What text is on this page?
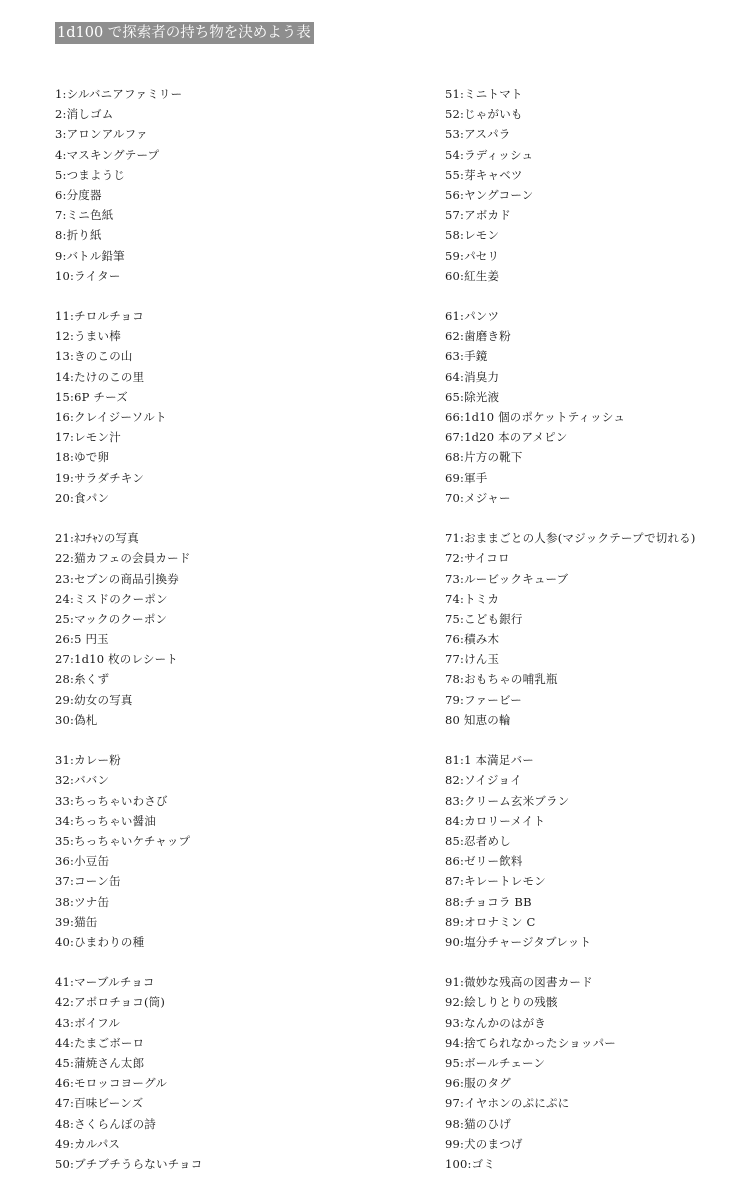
1d100 で探索者の持ち物を決めよう表
1:シルバニアファミリー
2:消しゴム
3:アロンアルファ
4:マスキングテープ
5:つまようじ
6:分度器
7:ミニ色紙
8:折り紙
9:バトル鉛筆
10:ライター
11:チロルチョコ
12:うまい棒
13:きのこの山
14:たけのこの里
15:6P チーズ
16:クレイジーソルト
17:レモン汁
18:ゆで卵
19:サラダチキン
20:食パン
21:ﾈｺﾁｬﾝの写真
22:猫カフェの会員カード
23:セブンの商品引換券
24:ミスドのクーポン
25:マックのクーポン
26:5 円玉
27:1d10 枚のレシート
28:糸くず
29:幼女の写真
30:偽札
31:カレー粉
32:ババン
33:ちっちゃいわさび
34:ちっちゃい醤油
35:ちっちゃいケチャップ
36:小豆缶
37:コーン缶
38:ツナ缶
39:猫缶
40:ひまわりの種
41:マーブルチョコ
42:アポロチョコ(筒)
43:ボイフル
44:たまごボーロ
45:蒲焼さん太郎
46:モロッコヨーグル
47:百味ビーンズ
48:さくらんぼの詩
49:カルパス
50:ブチブチうらないチョコ
51:ミニトマト
52:じゃがいも
53:アスパラ
54:ラディッシュ
55:芽キャベツ
56:ヤングコーン
57:アボカド
58:レモン
59:パセリ
60:紅生姜
61:パンツ
62:歯磨き粉
63:手鏡
64:消臭力
65:除光液
66:1d10 個のポケットティッシュ
67:1d20 本のアメピン
68:片方の靴下
69:軍手
70:メジャー
71:おままごとの人参(マジックテープで切れる)
72:サイコロ
73:ルービックキューブ
74:トミカ
75:こども銀行
76:積み木
77:けん玉
78:おもちゃの哺乳瓶
79:ファービー
80 知恵の輪
81:1 本満足バー
82:ソイジョイ
83:クリーム玄米ブラン
84:カロリーメイト
85:忍者めし
86:ゼリー飲料
87:キレートレモン
88:チョコラ BB
89:オロナミン C
90:塩分チャージタブレット
91:微妙な残高の図書カード
92:絵しりとりの残骸
93:なんかのはがき
94:捨てられなかったショッパー
95:ボールチェーン
96:服のタグ
97:イヤホンのぷにぷに
98:猫のひげ
99:犬のまつげ
100:ゴミ
